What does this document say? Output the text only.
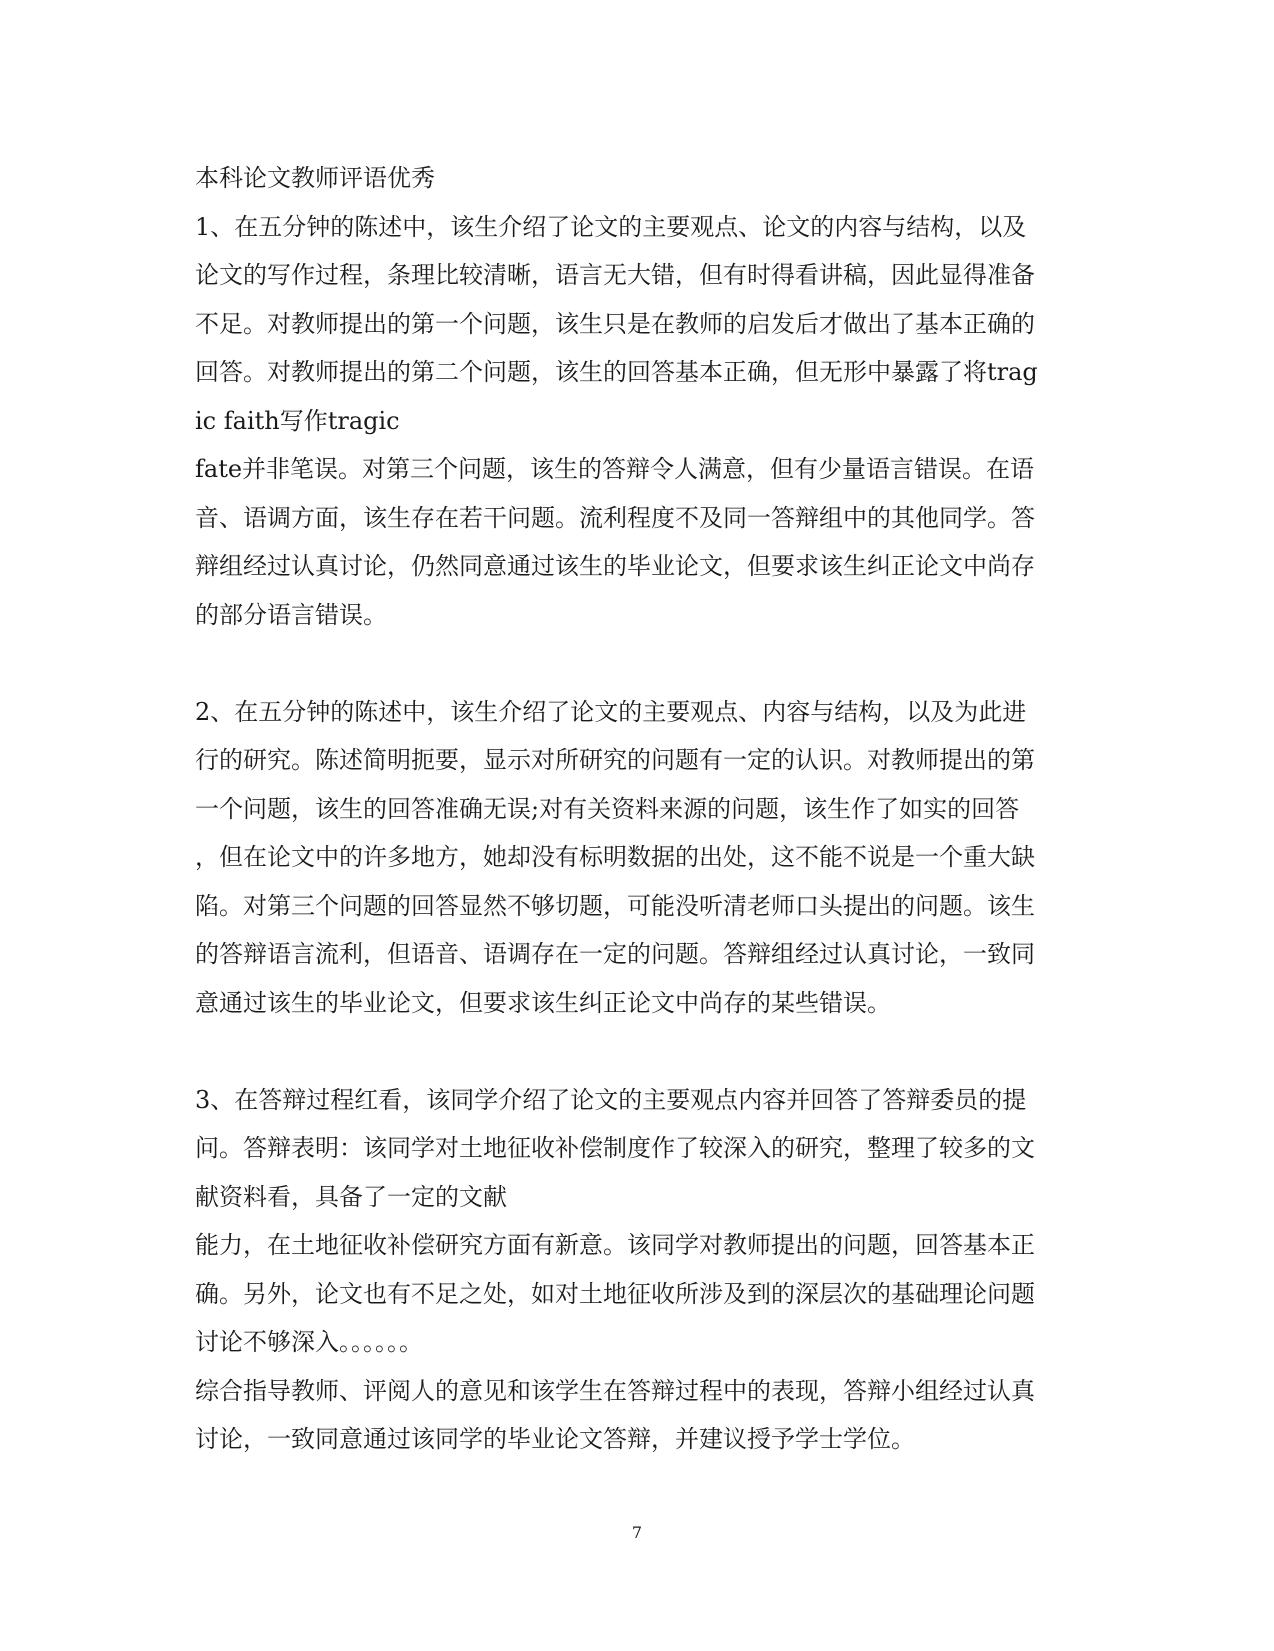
本科论文教师评语优秀
1、在五分钟的陈述中，该生介绍了论文的主要观点、论文的内容与结构，以及
论文的写作过程，条理比较清晰，语言无大错，但有时得看讲稿，因此显得准备
不足。对教师提出的第一个问题，该生只是在教师的启发后才做出了基本正确的
回答。对教师提出的第二个问题，该生的回答基本正确，但无形中暴露了将trag
ic faith写作tragic
fate并非笔误。对第三个问题，该生的答辩令人满意，但有少量语言错误。在语
音、语调方面，该生存在若干问题。流利程度不及同一答辩组中的其他同学。答
辩组经过认真讨论，仍然同意通过该生的毕业论文，但要求该生纠正论文中尚存
的部分语言错误。
2、在五分钟的陈述中，该生介绍了论文的主要观点、内容与结构，以及为此进
行的研究。陈述简明扼要，显示对所研究的问题有一定的认识。对教师提出的第
一个问题，该生的回答准确无误;对有关资料来源的问题，该生作了如实的回答
，但在论文中的许多地方，她却没有标明数据的出处，这不能不说是一个重大缺
陷。对第三个问题的回答显然不够切题，可能没听清老师口头提出的问题。该生
的答辩语言流利，但语音、语调存在一定的问题。答辩组经过认真讨论，一致同
意通过该生的毕业论文，但要求该生纠正论文中尚存的某些错误。
3、在答辩过程红看，该同学介绍了论文的主要观点内容并回答了答辩委员的提
问。答辩表明：该同学对土地征收补偿制度作了较深入的研究，整理了较多的文
献资料看，具备了一定的文献
能力，在土地征收补偿研究方面有新意。该同学对教师提出的问题，回答基本正
确。另外，论文也有不足之处，如对土地征收所涉及到的深层次的基础理论问题
讨论不够深入。。。。。。
综合指导教师、评阅人的意见和该学生在答辩过程中的表现，答辩小组经过认真
讨论，一致同意通过该同学的毕业论文答辩，并建议授予学士学位。
7
